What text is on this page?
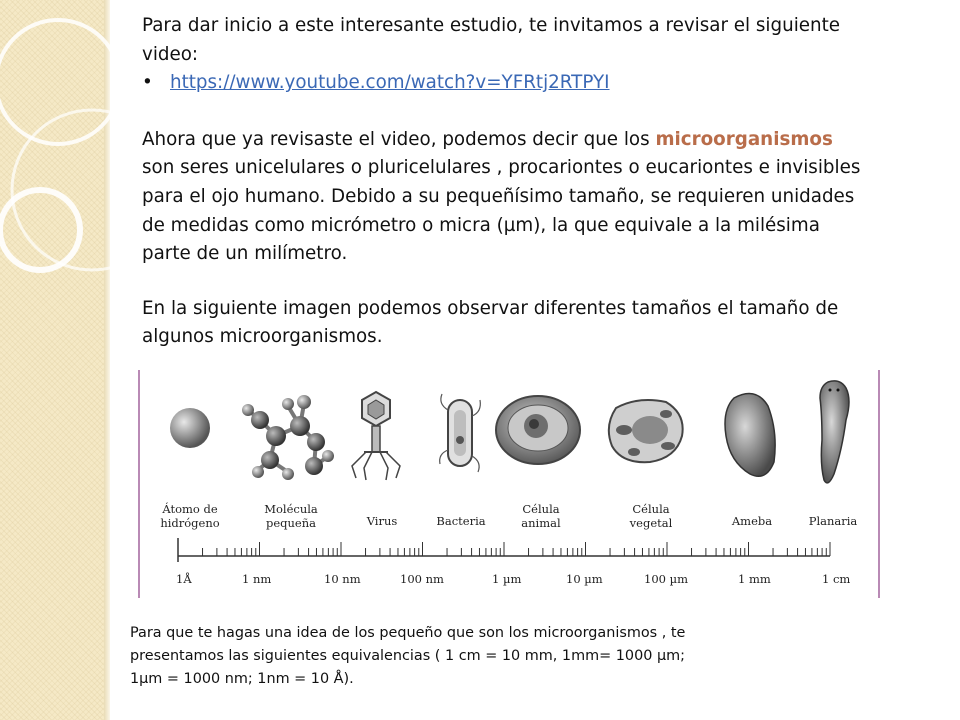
Para dar inicio a este interesante estudio, te invitamos a revisar el siguiente

video:

• https://www.youtube.com/watch?v=YFRtj2RTPYI

Ahora que ya revisaste el video, podemos decir que los microorganismos

son seres unicelulares o pluricelulares , procariontes o eucariontes e invisibles

para el ojo humano. Debido a su pequeñísimo tamaño, se requieren unidades

de medidas como micrómetro o micra (µm), la que equivale a la milésima

parte de un milímetro.

En la siguiente imagen podemos observar diferentes tamaños el tamaño de

algunos microorganismos.

Átomo de
hidrógeno
Molécula
pequeña	Virus	Bacteria
Célula
animal
Célula
vegetal	Ameba	Planaria
1Å	1 nm	10 nm	100 nm	1 µm	10 µm	100 µm	1 mm	1 cm
Para que te hagas una idea de los pequeño que son los microorganismos , te
presentamos las siguientes equivalencias ( 1 cm = 10 mm, 1mm= 1000 µm;
1µm = 1000 nm; 1nm = 10 Å).
